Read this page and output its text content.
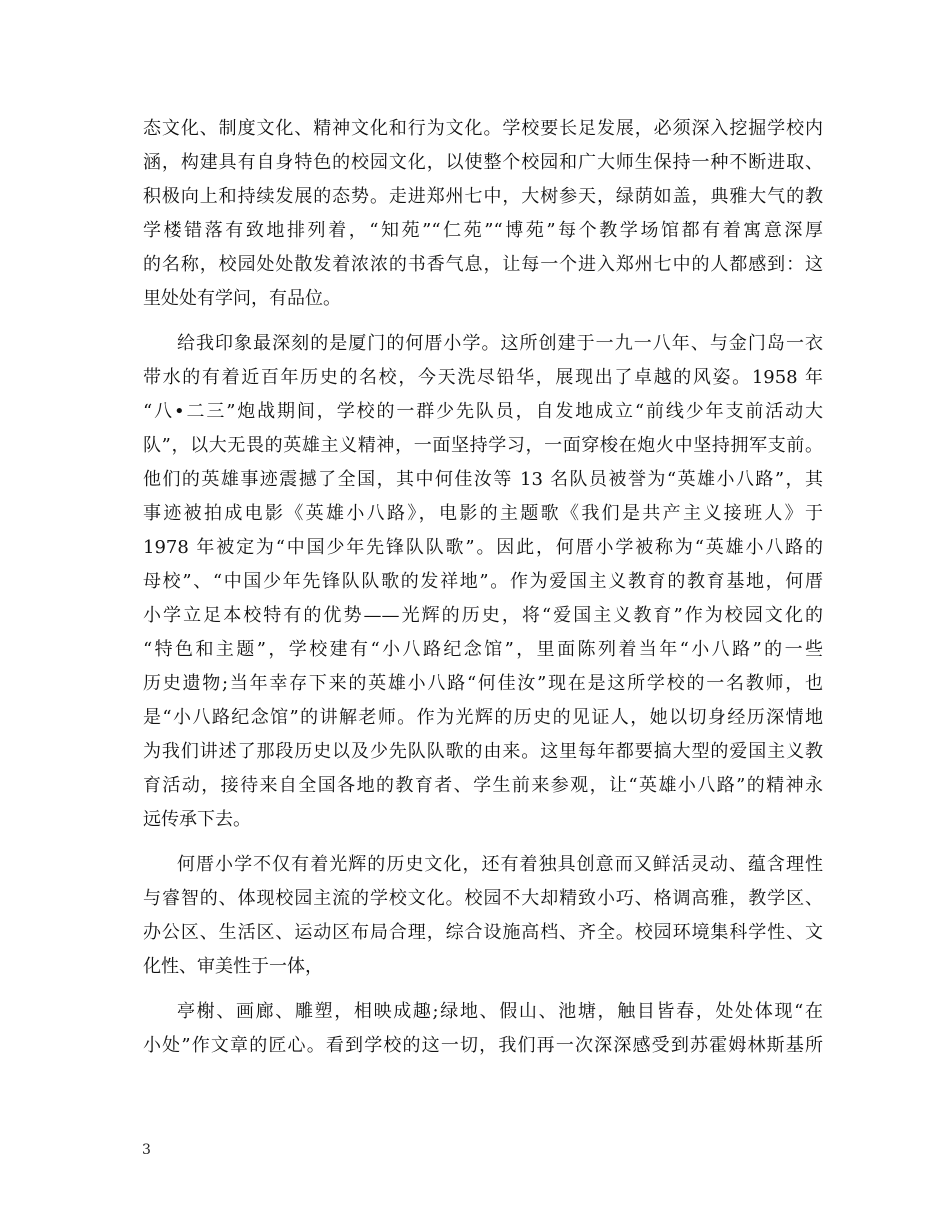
态文化、制度文化、精神文化和行为文化。学校要长足发展，必须深入挖掘学校内
涵，构建具有自身特色的校园文化，以使整个校园和广大师生保持一种不断进取、
积极向上和持续发展的态势。走进郑州七中，大树参天，绿荫如盖，典雅大气的教
学楼错落有致地排列着，“知苑”“仁苑”“博苑”每个教学场馆都有着寓意深厚
的名称，校园处处散发着浓浓的书香气息，让每一个进入郑州七中的人都感到：这
里处处有学问，有品位。
给我印象最深刻的是厦门的何厝小学。这所创建于一九一八年、与金门岛一衣
带水的有着近百年历史的名校，今天洗尽铅华，展现出了卓越的风姿。1958 年
“八•二三”炮战期间，学校的一群少先队员，自发地成立“前线少年支前活动大
队”，以大无畏的英雄主义精神，一面坚持学习，一面穿梭在炮火中坚持拥军支前。
他们的英雄事迹震撼了全国，其中何佳汝等 13 名队员被誉为“英雄小八路”，其
事迹被拍成电影《英雄小八路》，电影的主题歌《我们是共产主义接班人》于
1978 年被定为“中国少年先锋队队歌”。因此，何厝小学被称为“英雄小八路的
母校”、“中国少年先锋队队歌的发祥地”。作为爱国主义教育的教育基地，何厝
小学立足本校特有的优势——光辉的历史，将“爱国主义教育”作为校园文化的
“特色和主题”，学校建有“小八路纪念馆”，里面陈列着当年“小八路”的一些
历史遗物;当年幸存下来的英雄小八路“何佳汝”现在是这所学校的一名教师，也
是“小八路纪念馆”的讲解老师。作为光辉的历史的见证人，她以切身经历深情地
为我们讲述了那段历史以及少先队队歌的由来。这里每年都要搞大型的爱国主义教
育活动，接待来自全国各地的教育者、学生前来参观，让“英雄小八路”的精神永
远传承下去。
何厝小学不仅有着光辉的历史文化，还有着独具创意而又鲜活灵动、蕴含理性
与睿智的、体现校园主流的学校文化。校园不大却精致小巧、格调高雅，教学区、
办公区、生活区、运动区布局合理，综合设施高档、齐全。校园环境集科学性、文
化性、审美性于一体，
亭榭、画廊、雕塑，相映成趣;绿地、假山、池塘，触目皆春，处处体现“在
小处”作文章的匠心。看到学校的这一切，我们再一次深深感受到苏霍姆林斯基所
3
